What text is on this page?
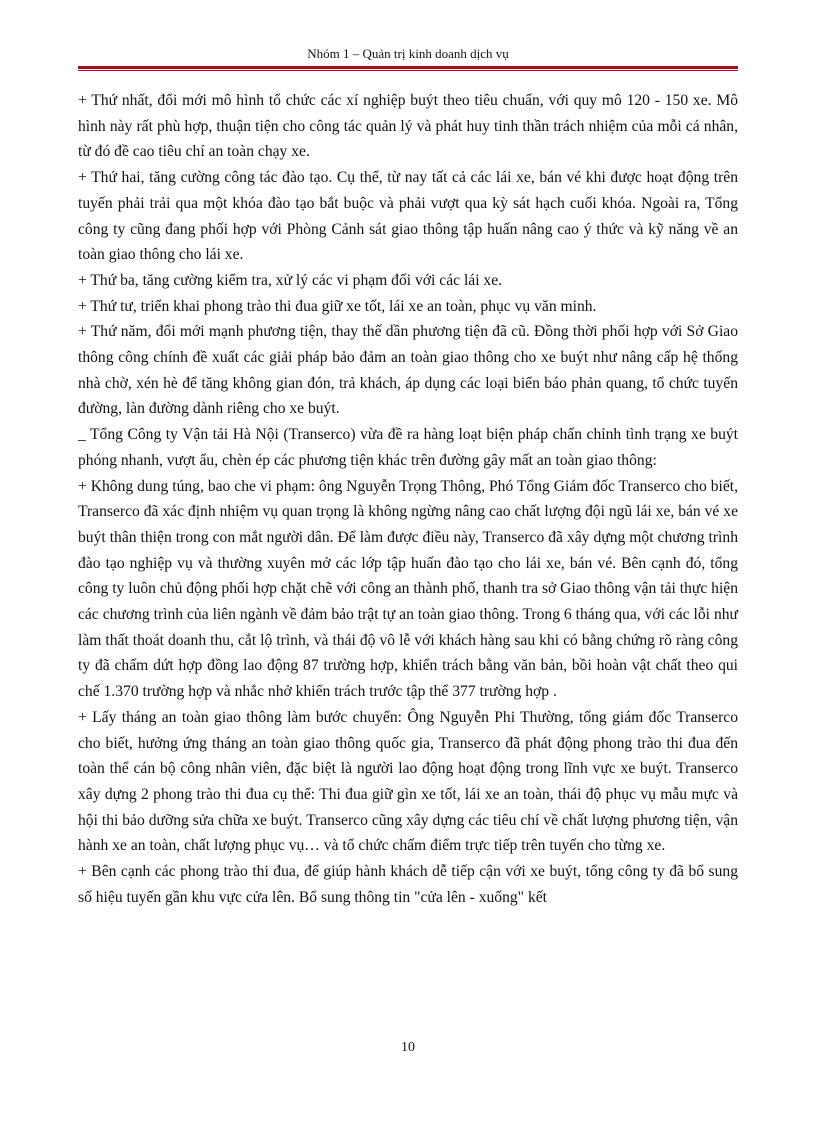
Nhóm 1 – Quản trị kinh doanh dịch vụ

+ Thứ nhất, đổi mới mô hình tổ chức các xí nghiệp buýt theo tiêu chuẩn, với quy mô 120 - 150 xe. Mô hình này rất phù hợp, thuận tiện cho công tác quản lý và phát huy tinh thần trách nhiệm của mỗi cá nhân, từ đó đề cao tiêu chí an toàn chạy xe.

+ Thứ hai, tăng cường công tác đào tạo. Cụ thể, từ nay tất cả các lái xe, bán vé khi được hoạt động trên tuyến phải trải qua một khóa đào tạo bắt buộc và phải vượt qua kỳ sát hạch cuối khóa. Ngoài ra, Tổng công ty cũng đang phối hợp với Phòng Cảnh sát giao thông tập huấn nâng cao ý thức và kỹ năng về an toàn giao thông cho lái xe.

+ Thứ ba, tăng cường kiểm tra, xử lý các vi phạm đối với các lái xe.

+ Thứ tư, triển khai phong trào thi đua giữ xe tốt, lái xe an toàn, phục vụ văn minh.

+ Thứ năm, đổi mới mạnh phương tiện, thay thế dần phương tiện đã cũ. Đồng thời phối hợp với Sở Giao thông công chính đề xuất các giải pháp bảo đảm an toàn giao thông cho xe buýt như nâng cấp hệ thống nhà chờ, xén hè để tăng không gian đón, trả khách, áp dụng các loại biển báo phản quang, tổ chức tuyến đường, làn đường dành riêng cho xe buýt.

_ Tổng Công ty Vận tải Hà Nội (Transerco) vừa đề ra hàng loạt biện pháp chấn chỉnh tình trạng xe buýt phóng nhanh, vượt ẩu, chèn ép các phương tiện khác trên đường gây mất an toàn giao thông:

+ Không dung túng, bao che vi phạm: ông Nguyễn Trọng Thông, Phó Tổng Giám đốc Transerco cho biết, Transerco đã xác định nhiệm vụ quan trọng là không ngừng nâng cao chất lượng đội ngũ lái xe, bán vé xe buýt thân thiện trong con mắt người dân. Để làm được điều này, Transerco đã xây dựng một chương trình đào tạo nghiệp vụ và thường xuyên mở các lớp tập huấn đào tạo cho lái xe, bán vé. Bên cạnh đó, tổng công ty luôn chủ động phối hợp chặt chẽ với công an thành phố, thanh tra sở Giao thông vận tải thực hiện các chương trình của liên ngành về đảm bảo trật tự an toàn giao thông. Trong 6 tháng qua, với các lỗi như làm thất thoát doanh thu, cắt lộ trình, và thái độ vô lễ với khách hàng sau khi có bằng chứng rõ ràng công ty đã chấm dứt hợp đồng lao động 87 trường hợp, khiển trách bằng văn bản, bồi hoàn vật chất theo qui chế 1.370 trường hợp và nhắc nhở khiển trách trước tập thể 377 trường hợp .

+ Lấy tháng an toàn giao thông làm bước chuyển: Ông Nguyễn Phi Thường, tổng giám đốc Transerco cho biết, hưởng ứng tháng an toàn giao thông quốc gia, Transerco đã phát động phong trào thi đua đến toàn thể cán bộ công nhân viên, đặc biệt là người lao động hoạt động trong lĩnh vực xe buýt. Transerco xây dựng 2 phong trào thi đua cụ thể: Thi đua giữ gìn xe tốt, lái xe an toàn, thái độ phục vụ mẫu mực và hội thi bảo dưỡng sửa chữa xe buýt. Transerco cũng xây dựng các tiêu chí về chất lượng phương tiện, vận hành xe an toàn, chất lượng phục vụ… và tổ chức chấm điểm trực tiếp trên tuyến cho từng xe.

+ Bên cạnh các phong trào thi đua, để giúp hành khách dễ tiếp cận với xe buýt, tổng công ty đã bổ sung số hiệu tuyến gần khu vực cửa lên. Bổ sung thông tin "cửa lên - xuống" kết

10
